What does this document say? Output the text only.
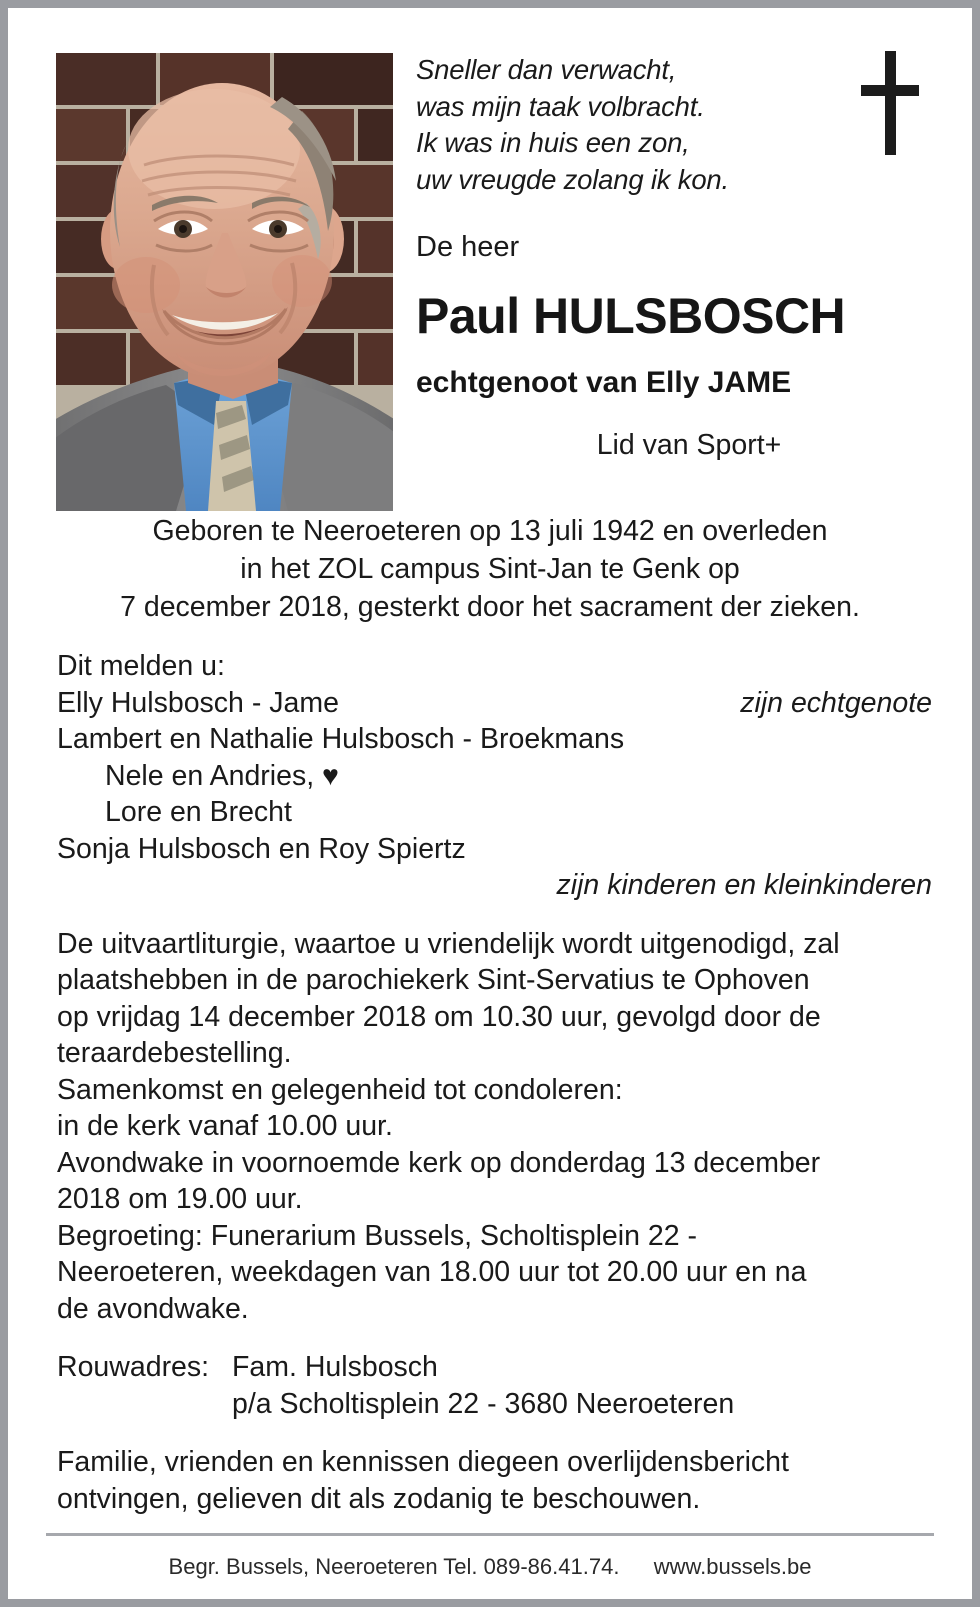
Sneller dan verwacht,
was mijn taak volbracht.
Ik was in huis een zon,
uw vreugde zolang ik kon.
De heer
Paul HULSBOSCH
echtgenoot van Elly JAME
Lid van Sport+
Geboren te Neeroeteren op 13 juli 1942 en overleden
in het ZOL campus Sint-Jan te Genk op
7 december 2018, gesterkt door het sacrament der zieken.
Dit melden u:
zijn echtgenote
Elly Hulsbosch - Jame
Lambert en Nathalie Hulsbosch - Broekmans
Nele en Andries, ♥
Lore en Brecht
Sonja Hulsbosch en Roy Spiertz
zijn kinderen en kleinkinderen
De uitvaartliturgie, waartoe u vriendelijk wordt uitgenodigd, zal
plaatshebben in de parochiekerk Sint-Servatius te Ophoven
op vrijdag 14 december 2018 om 10.30 uur, gevolgd door de
teraardebestelling.
Samenkomst en gelegenheid tot condoleren:
in de kerk vanaf 10.00 uur.
Avondwake in voornoemde kerk op donderdag 13 december
2018 om 19.00 uur.
Begroeting: Funerarium Bussels, Scholtisplein 22 -
Neeroeteren, weekdagen van 18.00 uur tot 20.00 uur en na
de avondwake.
Rouwadres: Fam. Hulsbosch
p/a Scholtisplein 22 - 3680 Neeroeteren
Familie, vrienden en kennissen diegeen overlijdensbericht
ontvingen, gelieven dit als zodanig te beschouwen.
Begr. Bussels, Neeroeteren Tel. 089-86.41.74. www.bussels.be
